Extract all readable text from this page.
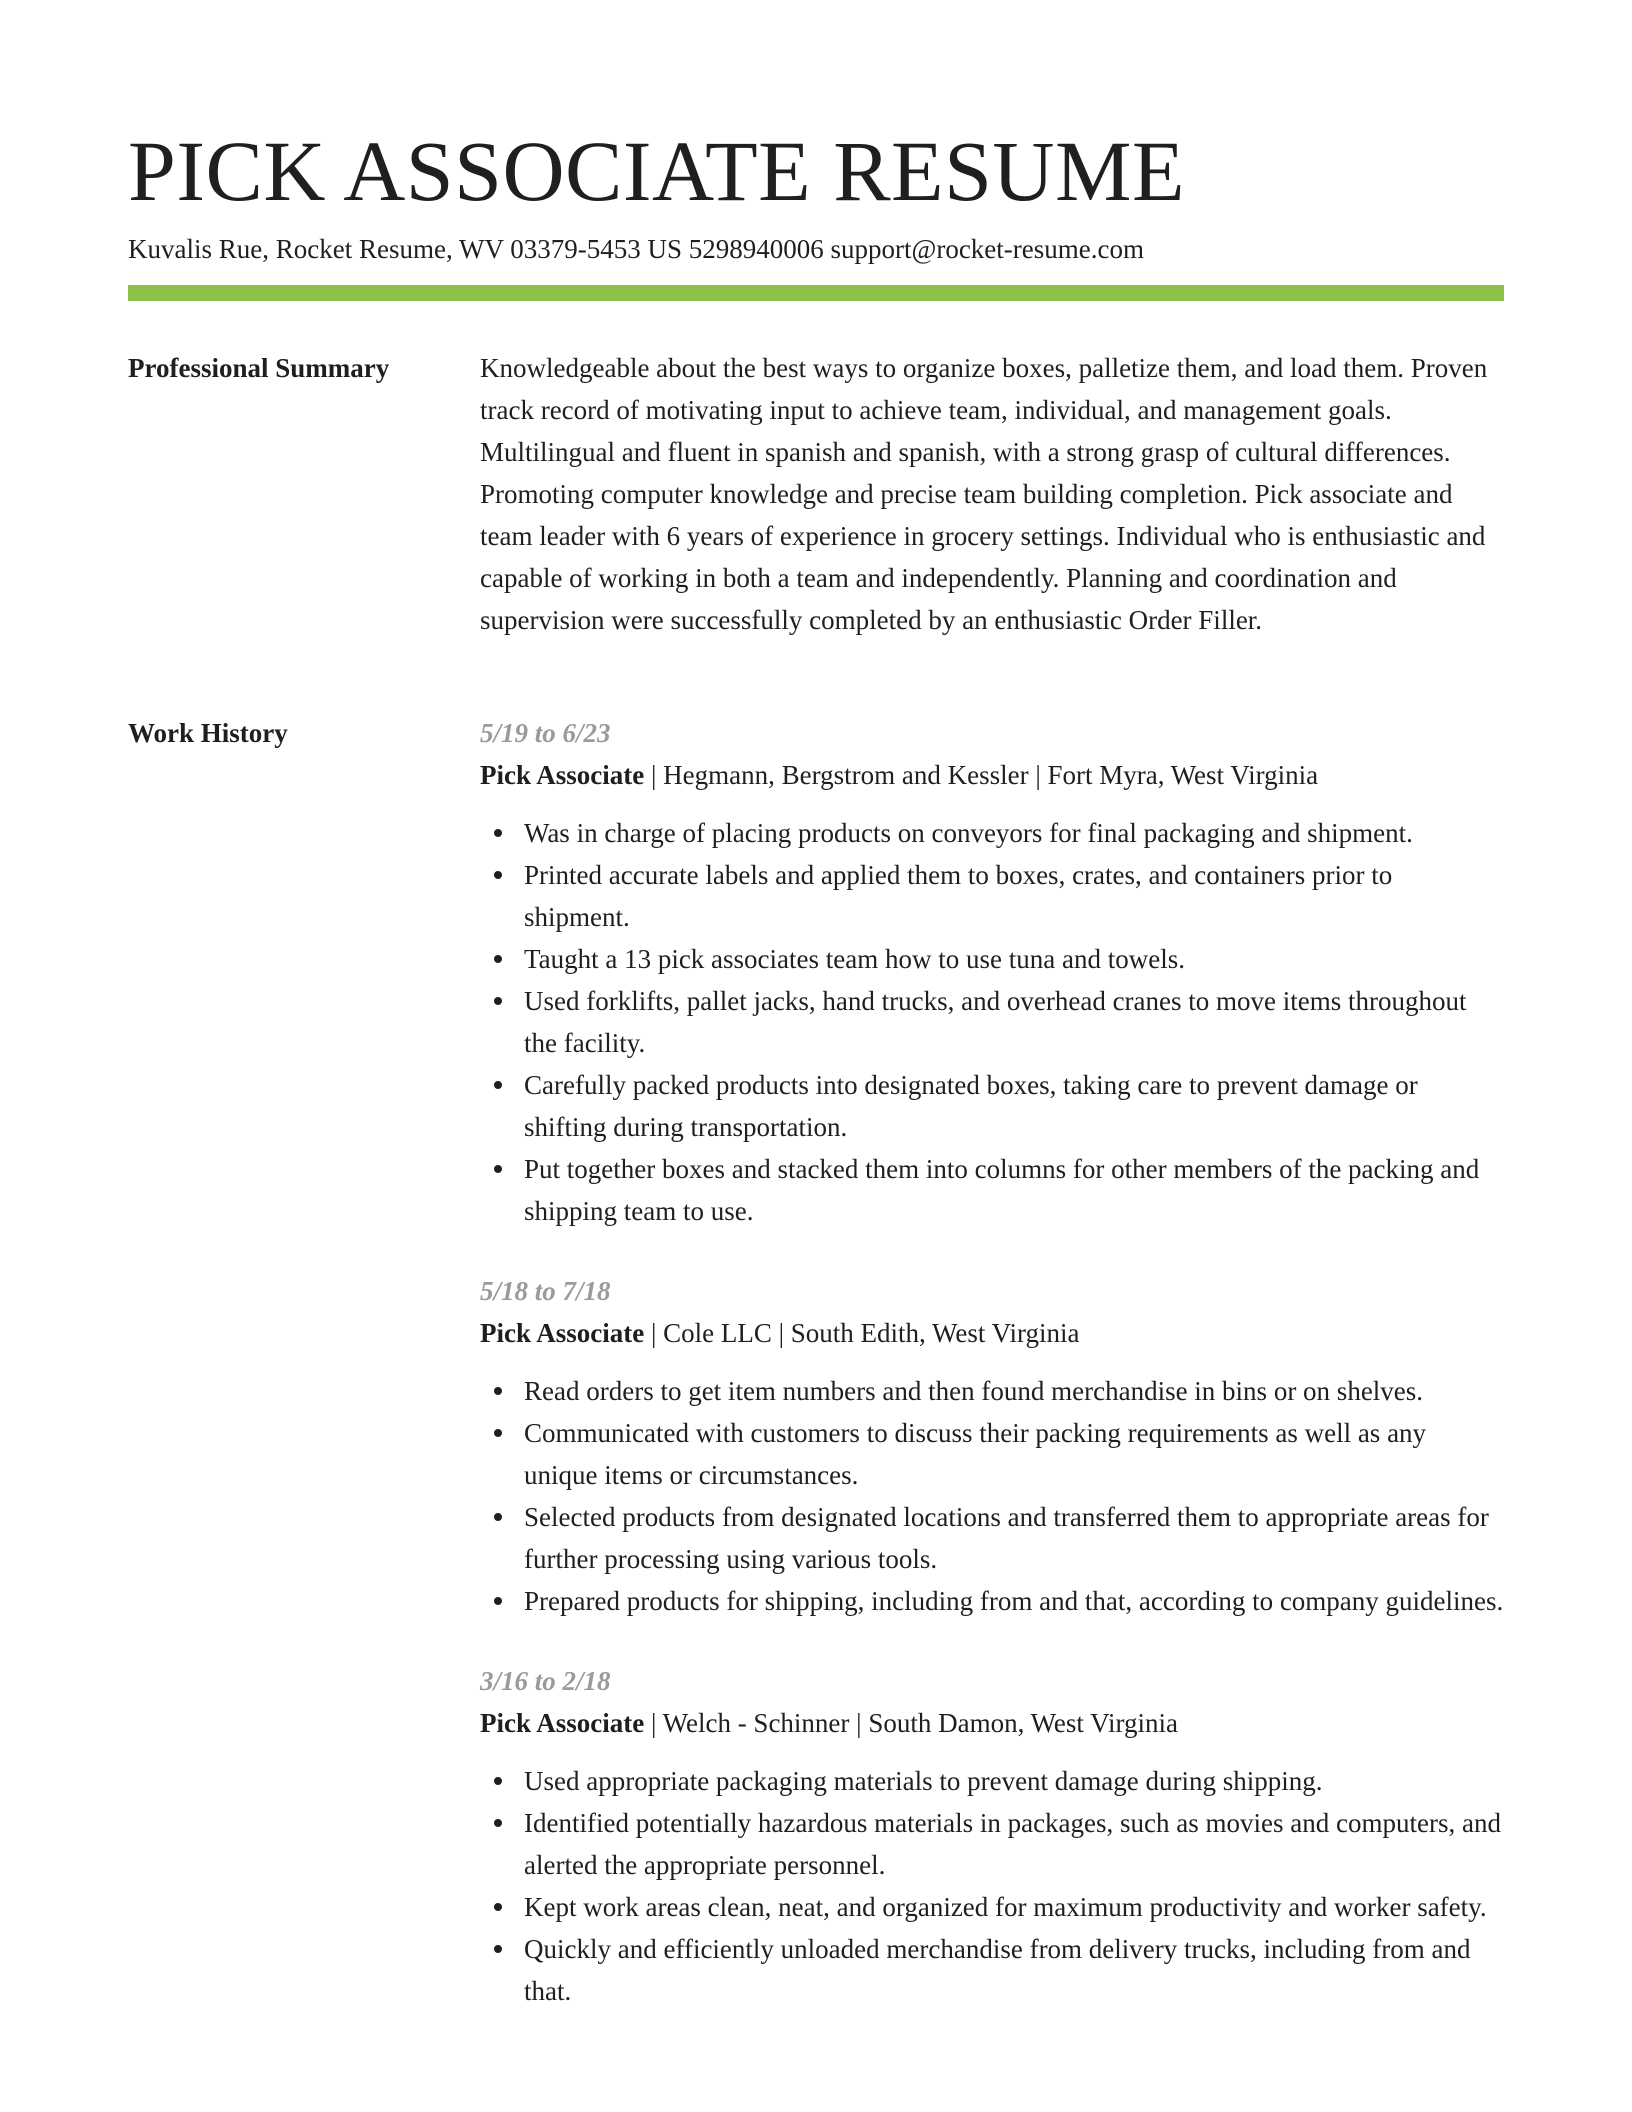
PICK ASSOCIATE RESUME
Kuvalis Rue, Rocket Resume, WV 03379-5453 US 5298940006 support@rocket-resume.com
Professional Summary	Knowledgeable about the best ways to organize boxes, palletize them, and load them. Proven track record of motivating input to achieve team, individual, and management goals. Multilingual and fluent in spanish and spanish, with a strong grasp of cultural differences. Promoting computer knowledge and precise team building completion. Pick associate and team leader with 6 years of experience in grocery settings. Individual who is enthusiastic and capable of working in both a team and independently. Planning and coordination and supervision were successfully completed by an enthusiastic Order Filler.
Work History	5/19 to 6/23
Pick Associate | Hegmann, Bergstrom and Kessler | Fort Myra, West Virginia
Was in charge of placing products on conveyors for final packaging and shipment.
Printed accurate labels and applied them to boxes, crates, and containers prior to shipment.
Taught a 13 pick associates team how to use tuna and towels.
Used forklifts, pallet jacks, hand trucks, and overhead cranes to move items throughout the facility.
Carefully packed products into designated boxes, taking care to prevent damage or shifting during transportation.
Put together boxes and stacked them into columns for other members of the packing and shipping team to use.
5/18 to 7/18
Pick Associate | Cole LLC | South Edith, West Virginia
Read orders to get item numbers and then found merchandise in bins or on shelves.
Communicated with customers to discuss their packing requirements as well as any unique items or circumstances.
Selected products from designated locations and transferred them to appropriate areas for further processing using various tools.
Prepared products for shipping, including from and that, according to company guidelines.
3/16 to 2/18
Pick Associate | Welch - Schinner | South Damon, West Virginia
Used appropriate packaging materials to prevent damage during shipping.
Identified potentially hazardous materials in packages, such as movies and computers, and alerted the appropriate personnel.
Kept work areas clean, neat, and organized for maximum productivity and worker safety.
Quickly and efficiently unloaded merchandise from delivery trucks, including from and that.
